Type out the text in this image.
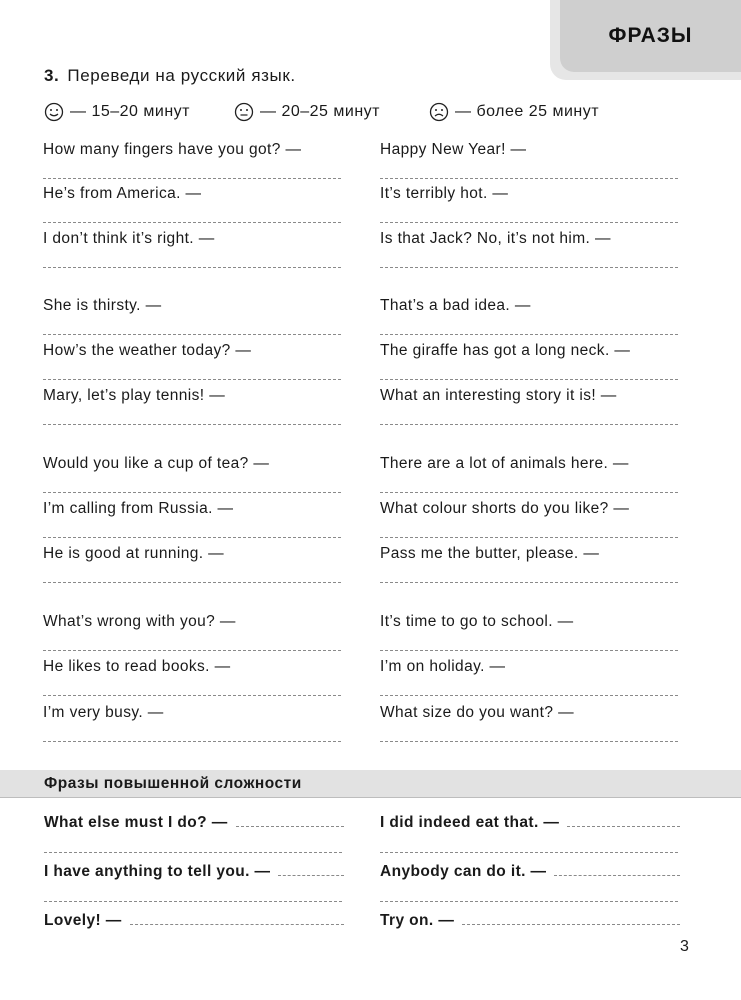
ФРАЗЫ
3. Переведи на русский язык.
— 15–20 минут	— 20–25 минут	— более 25 минут
How many fingers have you got? —
He’s from America. —
I don’t think it’s right. —
She is thirsty. —
How’s the weather today? —
Mary, let’s play tennis! —
Would you like a cup of tea? —
I’m calling from Russia. —
He is good at running. —
What’s wrong with you? —
He likes to read books. —
I’m very busy. —
Happy New Year! —
It’s terribly hot. —
Is that Jack? No, it’s not him. —
That’s a bad idea. —
The giraffe has got a long neck. —
What an interesting story it is! —
There are a lot of animals here. —
What colour shorts do you like? —
Pass me the butter, please. —
It’s time to go to school. —
I’m on holiday. —
What size do you want? —
Фразы повышенной сложности
What else must I do? —
I have anything to tell you. —
Lovely! —
I did indeed eat that. —
Anybody can do it. —
Try on. —
3
